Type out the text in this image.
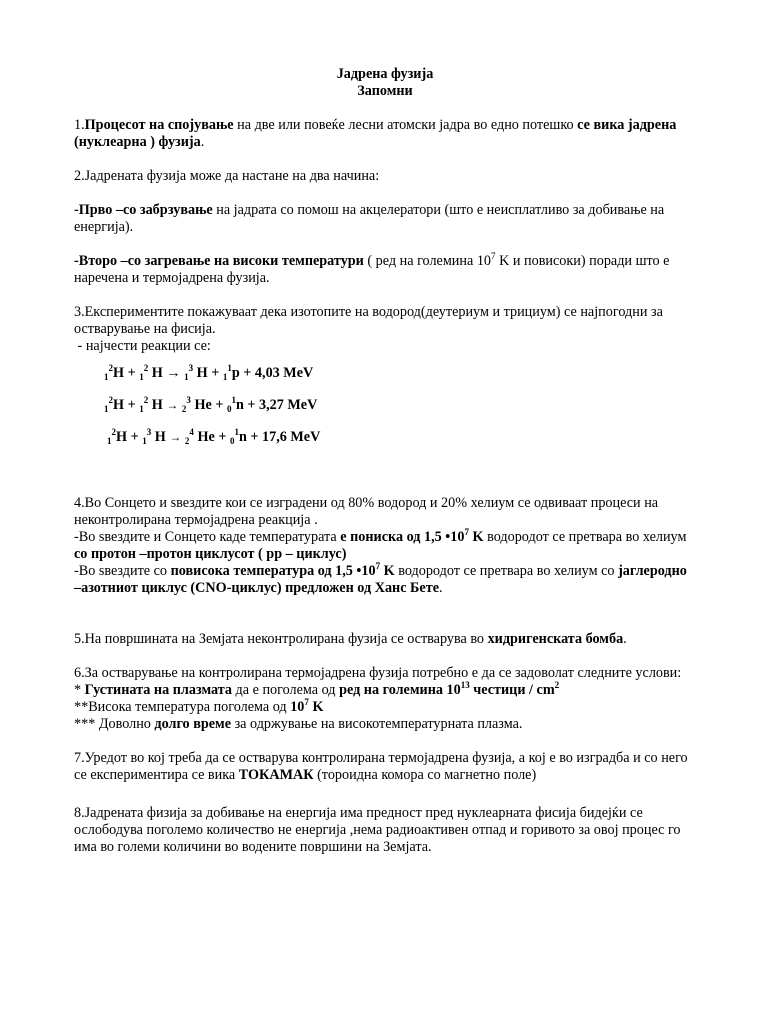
Јадрена фузија

Запомни

1.Процесот на спојување на две или повеќе лесни атомски јадра во едно потешко се вика јадрена (нуклеарна ) фузија.

2.Јадрената фузија може да настане на два начина:

-Прво –со забрзување на јадрата со помош на акцелератори (што е неисплатливо за добивање на енергија).

-Второ –со загревање на високи температури ( ред на големина $10^7$ K и повисоки) поради што е наречена и термојадрена фузија.

3.Експериментите покажуваат дека изотопите на водород(деутериум и трициум) се најпогодни за остварување на фисија.

- најчести реакции се:

$_1^2$H + $_1^2$ H → $_1^3$ H + $_1^1$p + 4,03 MeV
$_1^2$H + $_1^2$ H → $_2^3$ He + $_0^1$n + 3,27 MeV
$_1^2$H + $_1^3$ H → $_2^4$ He + $_0^1$n + 17,6 MeV

4.Во Сонцето и ѕвездите кои се изградени од 80% водород и 20% хелиум се одвиваат процеси на неконтролирана термојадрена реакција .

-Во ѕвездите и Сонцето каде температурата е пониска од 1,5 $•10^7$ K водородот се претвара во хелиум со протон –протон циклусот ( pp – циклус)

-Во ѕвездите со повисока температура од 1,5 $•10^7$ K водородот се претвара во хелиум со јаглеродно –азотниот циклус (CNO-циклус) предложен од Ханс Бете.

5.На површината на Земјата неконтролирана фузија се остварува во хидригенската бомба.

6.За остварување на контролирана термојадрена фузија потребно е да се задоволат следните услови:

* Густината на плазмата да е поголема од ред на големина $10^{13}$ честици / $cm^2$

**Висока температура поголема од $10^7$ K

*** Доволно долго време за одржување на високотемпературната плазма.

7.Уредот во кој треба да се остварува контролирана термојадрена фузија, а кој е во изградба и со него се експериментира се вика ТОКАМАК (тороидна комора со магнетно поле)

8.Јадрената физија за добивање на енергија има предност пред нуклеарната фисија бидејќи се ослободува поголемо количество не енергија ,нема радиоактивен отпад и горивото за овој процес го има во големи количини во водените површини на Земјата.
